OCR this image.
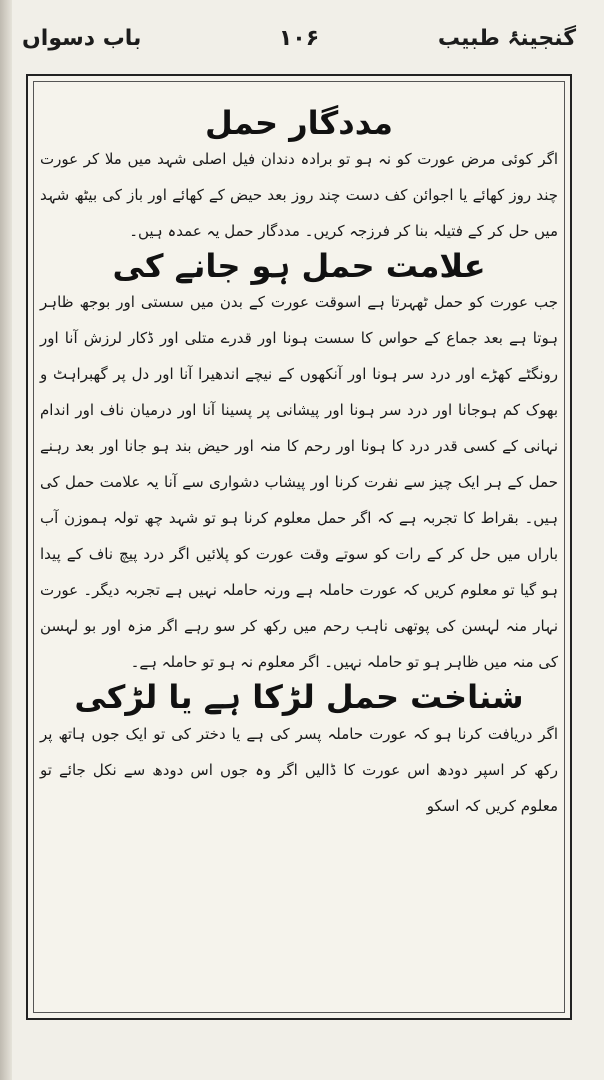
باب دسواں	۱۰۶	گنجینۂ طبیب
مددگار حمل

اگر کوئی مرض عورت کو نہ ہو تو برادہ دندان فیل اصلی شہد میں ملا کر عورت چند روز کھائے یا اجوائن کف دست چند روز بعد حیض کے کھائے اور باز کی بیٹھ شہد میں حل کر کے فتیلہ بنا کر فرزجہ کریں۔ مددگار حمل یہ عمدہ ہیں۔

علامت حمل ہو جانے کی

جب عورت کو حمل ٹھہرتا ہے اسوقت عورت کے بدن میں سستی اور بوجھ ظاہر ہوتا ہے بعد جماع کے حواس کا سست ہونا اور قدرے متلی اور ڈکار لرزش آنا اور رونگٹے کھڑے اور درد سر ہونا اور آنکھوں کے نیچے اندھیرا آنا اور دل پر گھبراہٹ و بھوک کم ہوجانا اور درد سر ہونا اور پیشانی پر پسینا آنا اور درمیان ناف اور اندام نہانی کے کسی قدر درد کا ہونا اور رحم کا منہ اور حیض بند ہو جانا اور بعد رہنے حمل کے ہر ایک چیز سے نفرت کرنا اور پیشاب دشواری سے آنا یہ علامت حمل کی ہیں۔ بقراط کا تجربہ ہے کہ اگر حمل معلوم کرنا ہو تو شہد چھ تولہ ہموزن آب باراں میں حل کر کے رات کو سوتے وقت عورت کو پلائیں اگر درد پیچ ناف کے پیدا ہو گیا تو معلوم کریں کہ عورت حاملہ ہے ورنہ حاملہ نہیں ہے تجربہ دیگر۔ عورت نہار منہ لہسن کی پوتھی ناہب رحم میں رکھ کر سو رہے اگر مزہ اور بو لہسن کی منہ میں ظاہر ہو تو حاملہ نہیں۔ اگر معلوم نہ ہو تو حاملہ ہے۔

شناخت حمل لڑکا ہے یا لڑکی

اگر دریافت کرنا ہو کہ عورت حاملہ پسر کی ہے یا دختر کی تو ایک جوں ہاتھ پر رکھ کر اسپر دودھ اس عورت کا ڈالیں اگر وہ جوں اس دودھ سے نکل جائے تو معلوم کریں کہ اسکو
